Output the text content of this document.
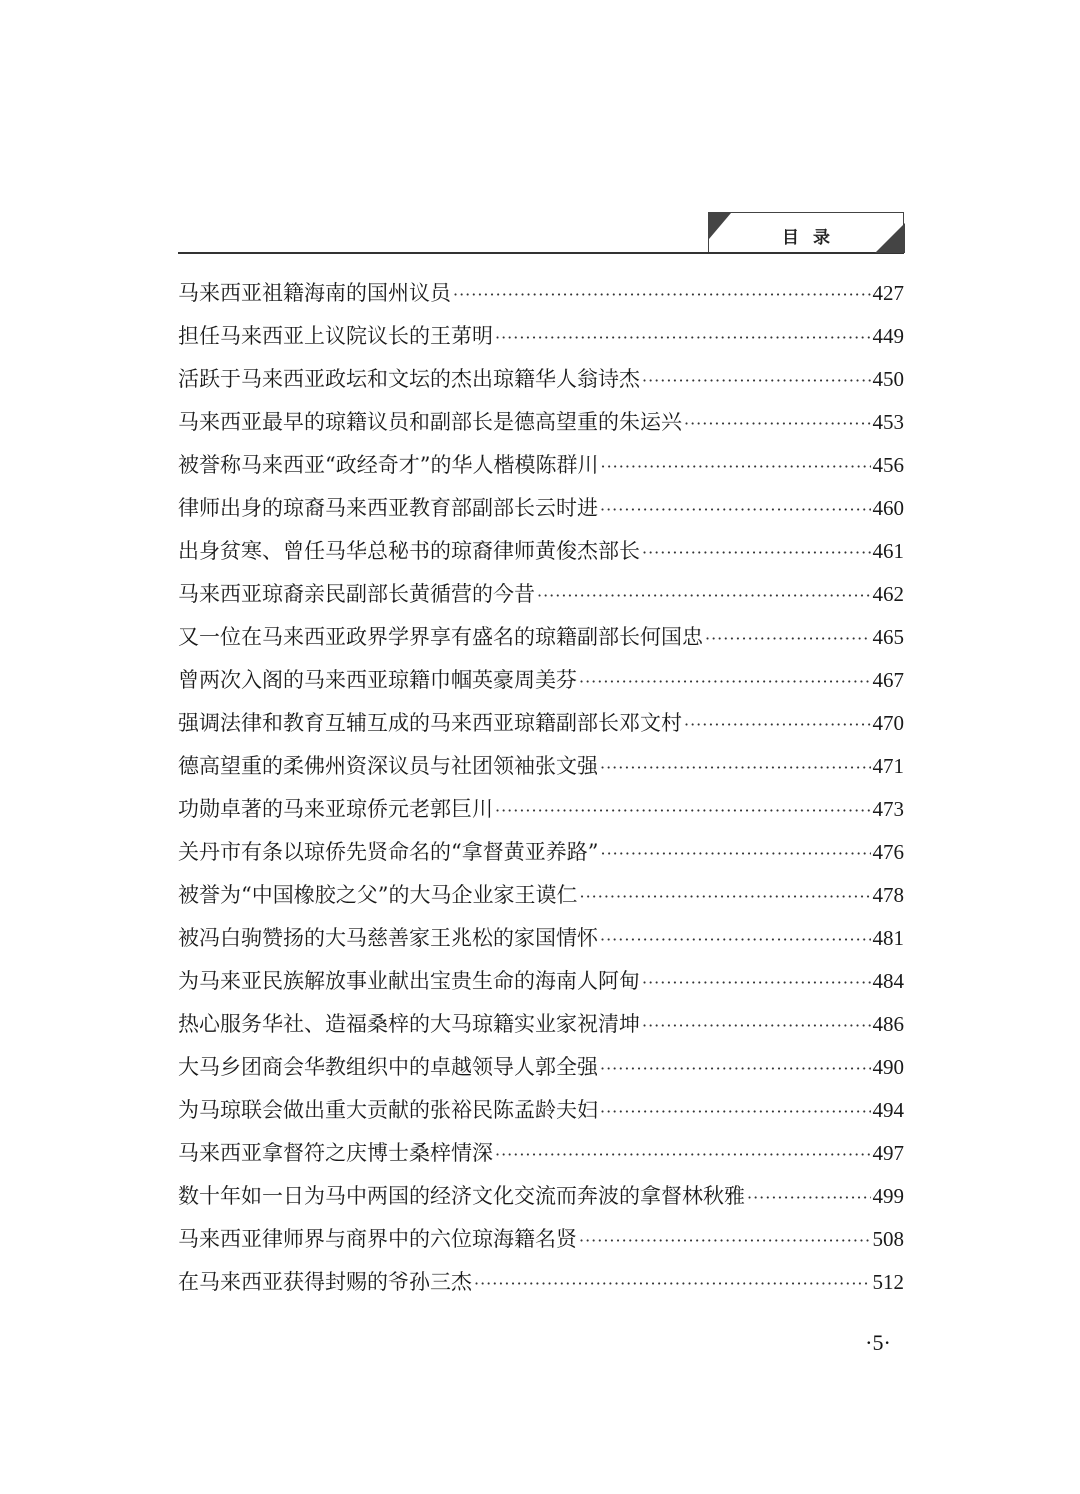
目录
马来西亚祖籍海南的国州议员 ·····	427
担任马来西亚上议院议长的王苐明 ·····	449
活跃于马来西亚政坛和文坛的杰出琼籍华人翁诗杰 ·····	450
马来西亚最早的琼籍议员和副部长是德高望重的朱运兴 ·····	453
被誉称马来西亚“政经奇才”的华人楷模陈群川 ·····	456
律师出身的琼裔马来西亚教育部副部长云时进 ·····	460
出身贫寒、曾任马华总秘书的琼裔律师黄俊杰部长 ·····	461
马来西亚琼裔亲民副部长黄循营的今昔 ·····	462
又一位在马来西亚政界学界享有盛名的琼籍副部长何国忠 ·····	465
曾两次入阁的马来西亚琼籍巾帼英豪周美芬 ·····	467
强调法律和教育互辅互成的马来西亚琼籍副部长邓文村 ·····	470
德高望重的柔佛州资深议员与社团领袖张文强 ·····	471
功勋卓著的马来亚琼侨元老郭巨川 ·····	473
关丹市有条以琼侨先贤命名的“拿督黄亚养路” ·····	476
被誉为“中国橡胶之父”的大马企业家王谟仁 ·····	478
被冯白驹赞扬的大马慈善家王兆松的家国情怀 ·····	481
为马来亚民族解放事业献出宝贵生命的海南人阿甸 ·····	484
热心服务华社、造福桑梓的大马琼籍实业家祝清坤 ·····	486
大马乡团商会华教组织中的卓越领导人郭全强 ·····	490
为马琼联会做出重大贡献的张裕民陈孟龄夫妇 ·····	494
马来西亚拿督符之庆博士桑梓情深 ·····	497
数十年如一日为马中两国的经济文化交流而奔波的拿督林秋雅 ·····	499
马来西亚律师界与商界中的六位琼海籍名贤 ·····	508
在马来西亚获得封赐的爷孙三杰 ·····	512
·5·
